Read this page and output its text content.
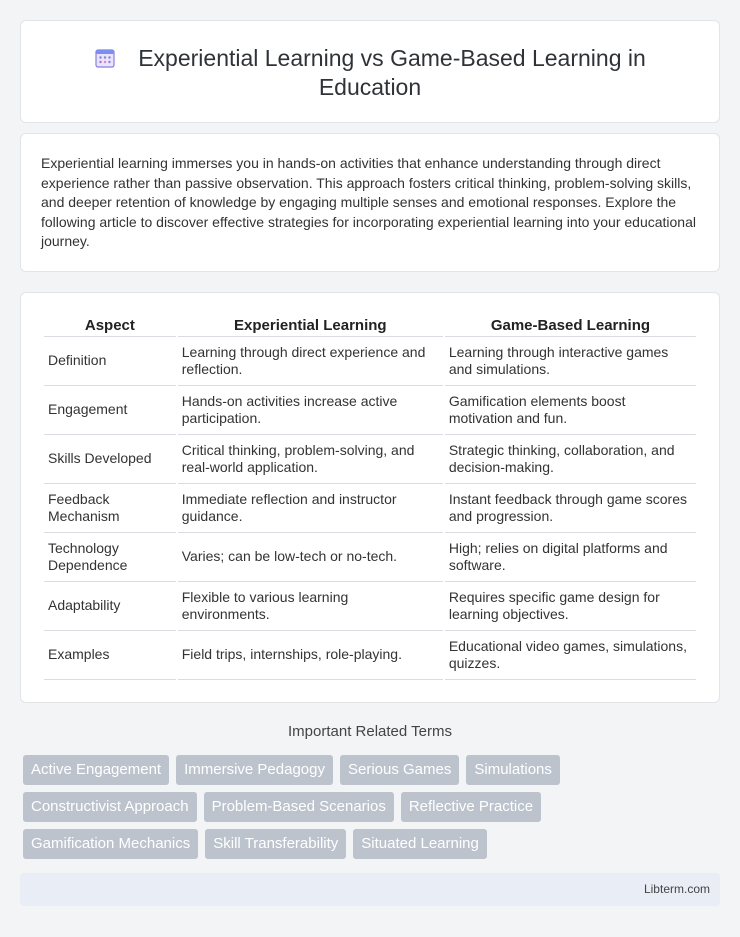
Experiential Learning vs Game-Based Learning in Education

Experiential learning immerses you in hands-on activities that enhance understanding through direct experience rather than passive observation. This approach fosters critical thinking, problem-solving skills, and deeper retention of knowledge by engaging multiple senses and emotional responses. Explore the following article to discover effective strategies for incorporating experiential learning into your educational journey.

Aspect	Experiential Learning	Game-Based Learning
Definition	Learning through direct experience and reflection.	Learning through interactive games and simulations.
Engagement	Hands-on activities increase active participation.	Gamification elements boost motivation and fun.
Skills Developed	Critical thinking, problem-solving, and real-world application.	Strategic thinking, collaboration, and decision-making.
Feedback Mechanism	Immediate reflection and instructor guidance.	Instant feedback through game scores and progression.
Technology Dependence	Varies; can be low-tech or no-tech.	High; relies on digital platforms and software.
Adaptability	Flexible to various learning environments.	Requires specific game design for learning objectives.
Examples	Field trips, internships, role-playing.	Educational video games, simulations, quizzes.
Important Related Terms
Active Engagement	Immersive Pedagogy	Serious Games	Simulations
Constructivist Approach	Problem-Based Scenarios	Reflective Practice
Gamification Mechanics	Skill Transferability	Situated Learning
Libterm.com
